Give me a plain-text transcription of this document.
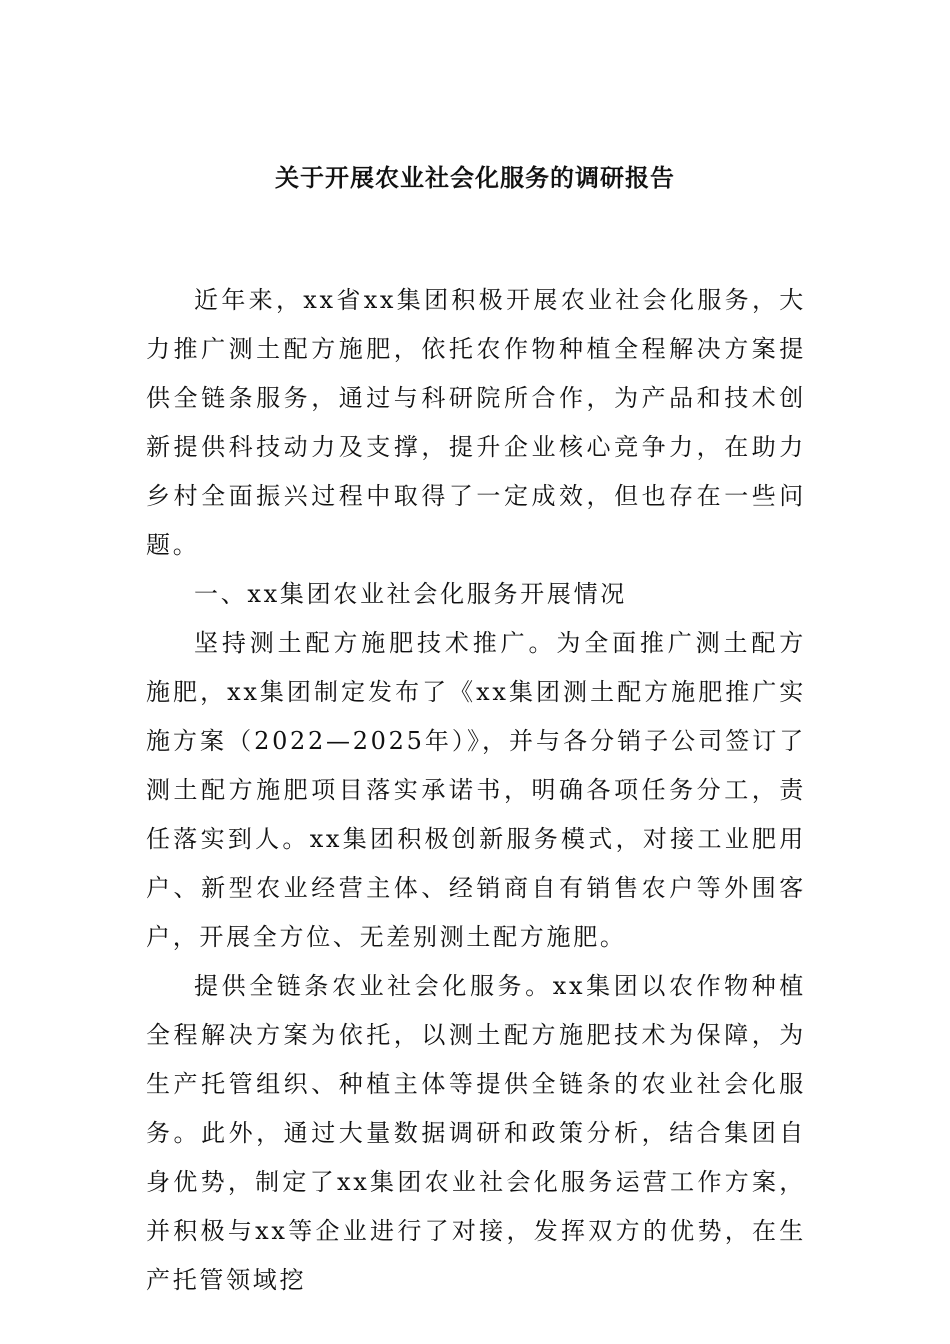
关于开展农业社会化服务的调研报告

近年来，xx省xx集团积极开展农业社会化服务，大力推广测土配方施肥，依托农作物种植全程解决方案提供全链条服务，通过与科研院所合作，为产品和技术创新提供科技动力及支撑，提升企业核心竞争力，在助力乡村全面振兴过程中取得了一定成效，但也存在一些问题。

一、xx集团农业社会化服务开展情况

坚持测土配方施肥技术推广。为全面推广测土配方施肥，xx集团制定发布了《xx集团测土配方施肥推广实施方案（2022—2025年）》，并与各分销子公司签订了测土配方施肥项目落实承诺书，明确各项任务分工，责任落实到人。xx集团积极创新服务模式，对接工业肥用户、新型农业经营主体、经销商自有销售农户等外围客户，开展全方位、无差别测土配方施肥。

提供全链条农业社会化服务。xx集团以农作物种植全程解决方案为依托，以测土配方施肥技术为保障，为生产托管组织、种植主体等提供全链条的农业社会化服务。此外，通过大量数据调研和政策分析，结合集团自身优势，制定了xx集团农业社会化服务运营工作方案，并积极与xx等企业进行了对接，发挥双方的优势，在生产托管领域挖
